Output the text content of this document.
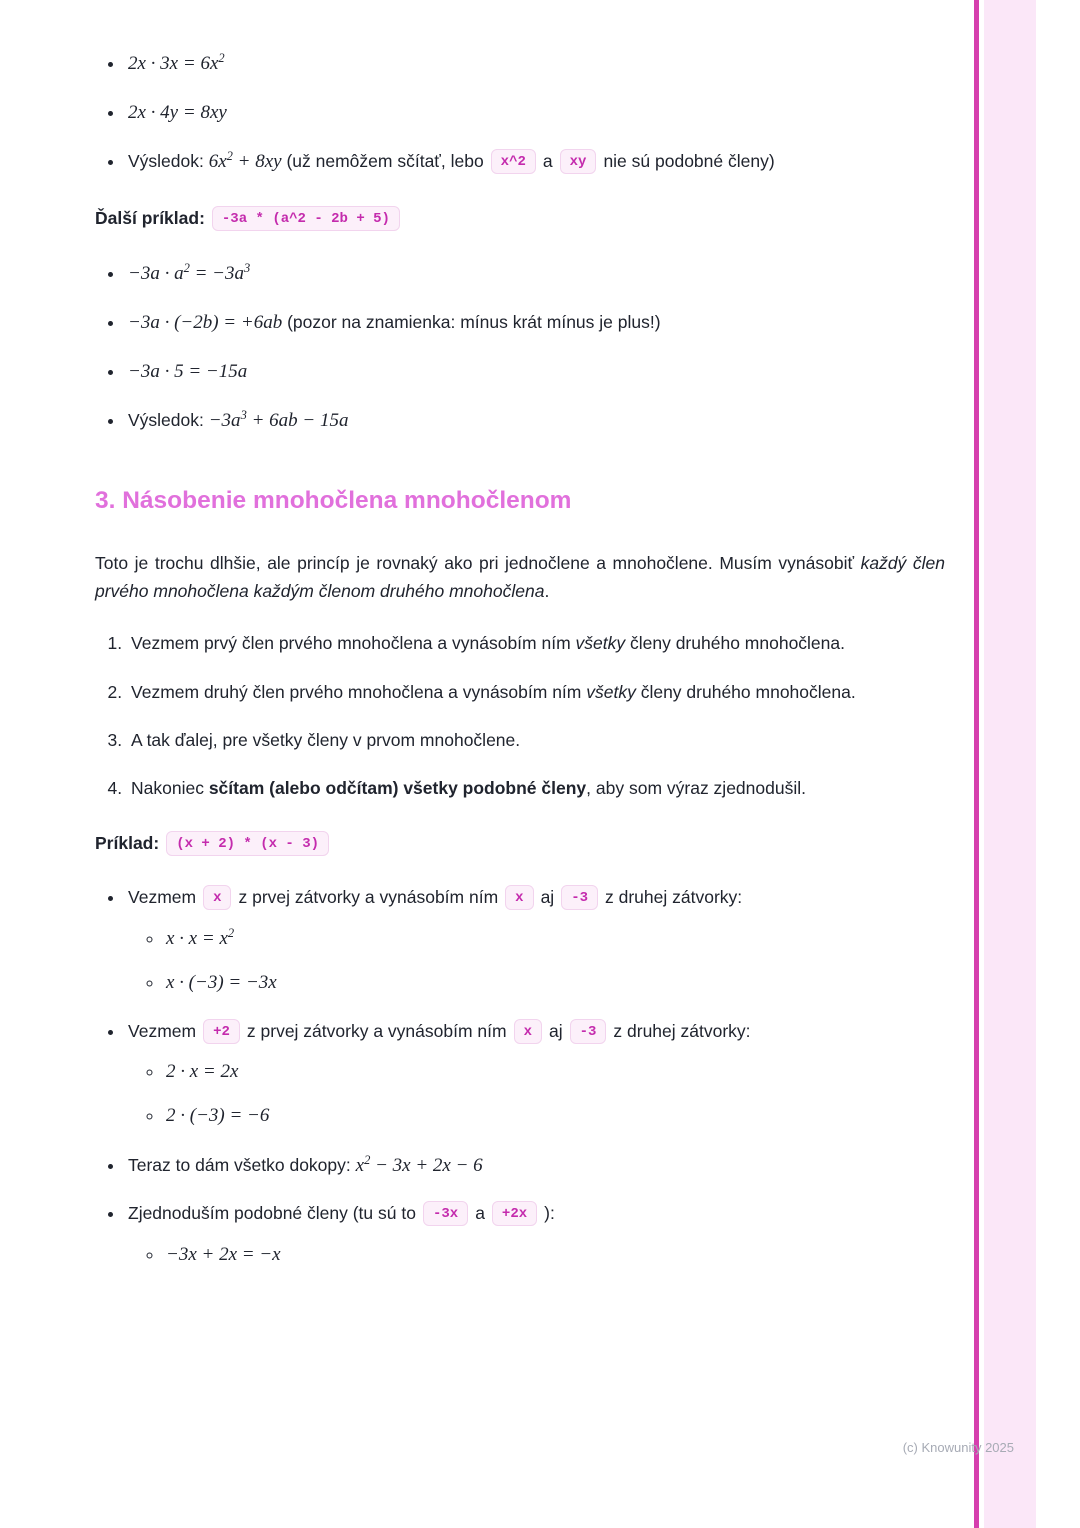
• $2x \cdot 3x = 6x^2$
• 2x · 4y = 8xy
• Výsledok: $6x^2 + 8xy$ (už nemôžem sčítať, lebo x^2 a xy nie sú podobné členy)

Ďalší príklad: -3a * (a^2 - 2b + 5)

• $-3a \cdot a^2 = -3a^3$
• −3a · (−2b) = +6ab (pozor na znamienka: mínus krát mínus je plus!)
• −3a · 5 = −15a
• Výsledok: $-3a^3 + 6ab - 15a$
3. Násobenie mnohočlena mnohočlenom

Toto je trochu dlhšie, ale princíp je rovnaký ako pri jednočlene a mnohočlene. Musím vynásobiť každý člen prvého mnohočlena každým členom druhého mnohočlena.

1. Vezmem prvý člen prvého mnohočlena a vynásobím ním všetky členy druhého mnohočlena.
2. Vezmem druhý člen prvého mnohočlena a vynásobím ním všetky členy druhého mnohočlena.
3. A tak ďalej, pre všetky členy v prvom mnohočlene.
4. Nakoniec sčítam (alebo odčítam) všetky podobné členy, aby som výraz zjednodušil.

Príklad: (x + 2) * (x - 3)

• Vezmem x z prvej zátvorky a vynásobím ním x aj -3 z druhej zátvorky:
◦ $x \cdot x = x^2$
◦ x · (−3) = −3x
• Vezmem +2 z prvej zátvorky a vynásobím ním x aj -3 z druhej zátvorky:
◦ 2 · x = 2x
◦ 2 · (−3) = −6
• Teraz to dám všetko dokopy: $x^2 - 3x + 2x - 6$
• Zjednoduším podobné členy (tu sú to -3x a +2x ):
◦ −3x + 2x = −x
(c) Knowunity 2025
